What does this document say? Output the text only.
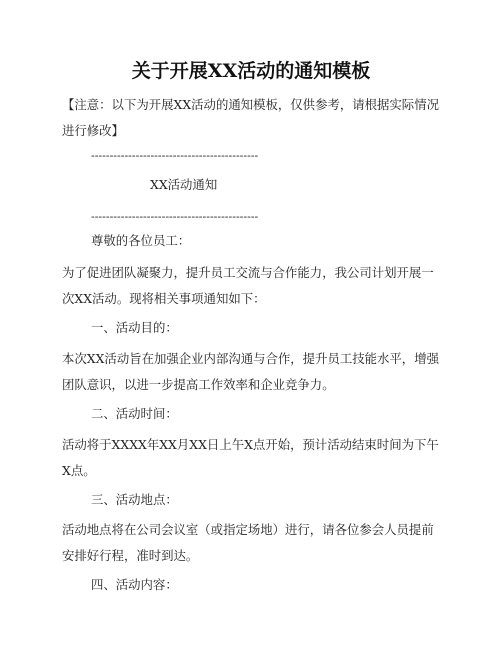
关于开展XX活动的通知模板
【注意：以下为开展XX活动的通知模板，仅供参考，请根据实际情况进行修改】
---------------------------------------------
XX活动通知
---------------------------------------------
尊敬的各位员工：
为了促进团队凝聚力，提升员工交流与合作能力，我公司计划开展一次XX活动。现将相关事项通知如下：
一、活动目的：
本次XX活动旨在加强企业内部沟通与合作，提升员工技能水平，增强团队意识，以进一步提高工作效率和企业竞争力。
二、活动时间：
活动将于XXXX年XX月XX日上午X点开始，预计活动结束时间为下午X点。
三、活动地点：
活动地点将在公司会议室（或指定场地）进行，请各位参会人员提前安排好行程，准时到达。
四、活动内容：
